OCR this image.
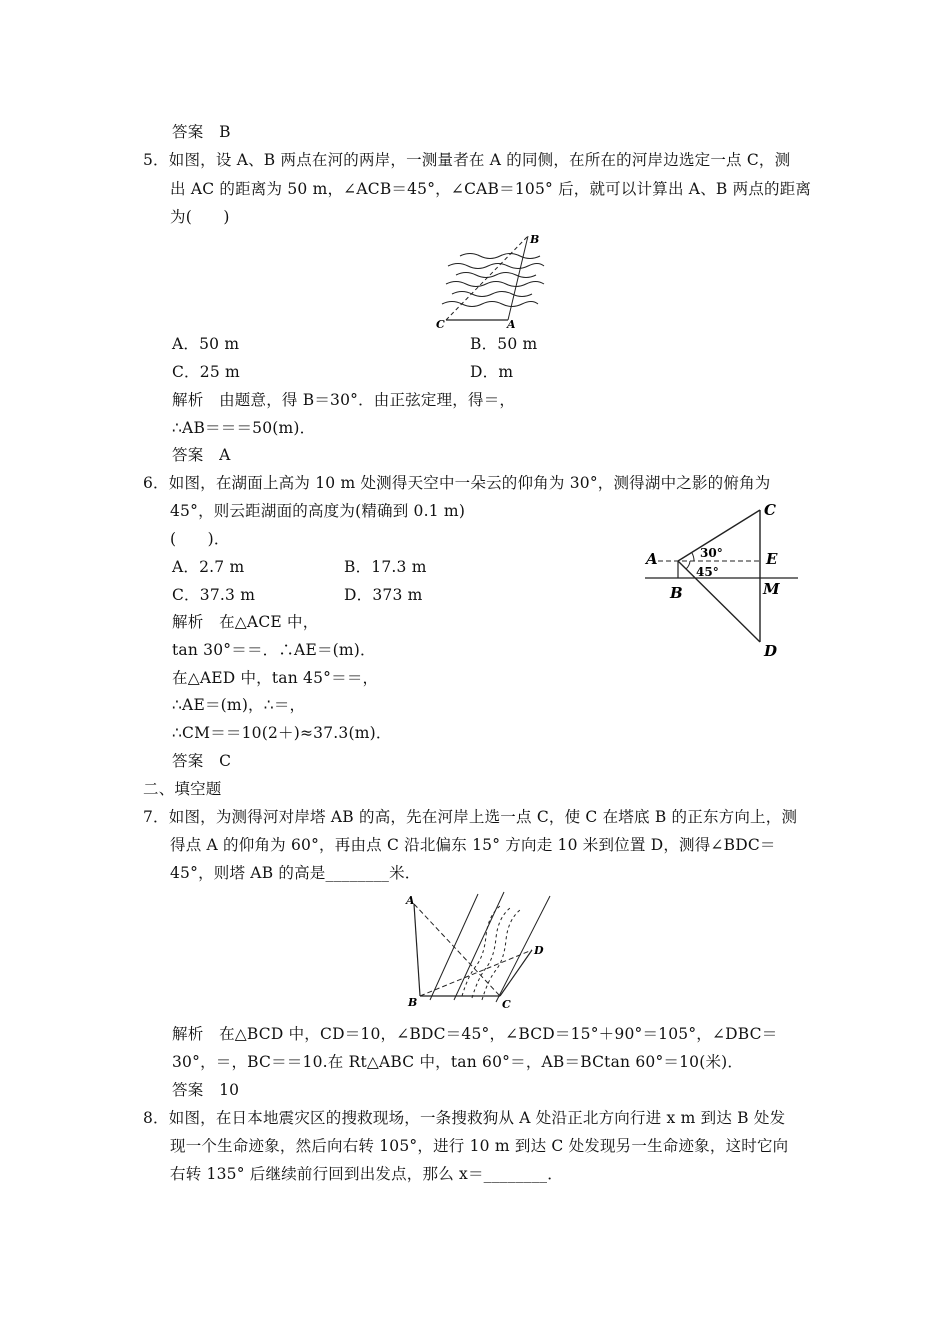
答案　B
5．如图，设 A、B 两点在河的两岸，一测量者在 A 的同侧，在所在的河岸边选定一点 C，测
出 AC 的距离为 50 m，∠ACB＝45°，∠CAB＝105° 后，就可以计算出 A、B 两点的距离
为(　　)
B
C	A
A．50 m	B．50 m
C．25 m	D．m
解析　由题意，得 B＝30°．由正弦定理，得＝，
∴AB＝＝＝50(m)．
答案　A
6．如图，在湖面上高为 10 m 处测得天空中一朵云的仰角为 30°，测得湖中之影的俯角为
45°，则云距湖面的高度为(精确到 0.1 m)
(　　)．
A．2.7 m	B．17.3 m
C．37.3 m	D．373 m
A
B
C
E
M
D
30°
45°
解析　在△ACE 中，
tan 30°＝＝．∴AE＝(m)．
在△AED 中，tan 45°＝＝，
∴AE＝(m)，∴＝，
∴CM＝＝10(2＋)≈37.3(m)．
答案　C
二、填空题
7．如图，为测得河对岸塔 AB 的高，先在河岸上选一点 C，使 C 在塔底 B 的正东方向上，测
得点 A 的仰角为 60°，再由点 C 沿北偏东 15° 方向走 10 米到位置 D，测得∠BDC＝
45°，则塔 AB 的高是________米．
A
B	C
D
解析　在△BCD 中，CD＝10，∠BDC＝45°，∠BCD＝15°＋90°＝105°，∠DBC＝
30°，＝，BC＝＝10.在 Rt△ABC 中，tan 60°＝，AB＝BCtan 60°＝10(米)．
答案　10
8．如图，在日本地震灾区的搜救现场，一条搜救狗从 A 处沿正北方向行进 x m 到达 B 处发
现一个生命迹象，然后向右转 105°，进行 10 m 到达 C 处发现另一生命迹象，这时它向
右转 135° 后继续前行回到出发点，那么 x＝________．
